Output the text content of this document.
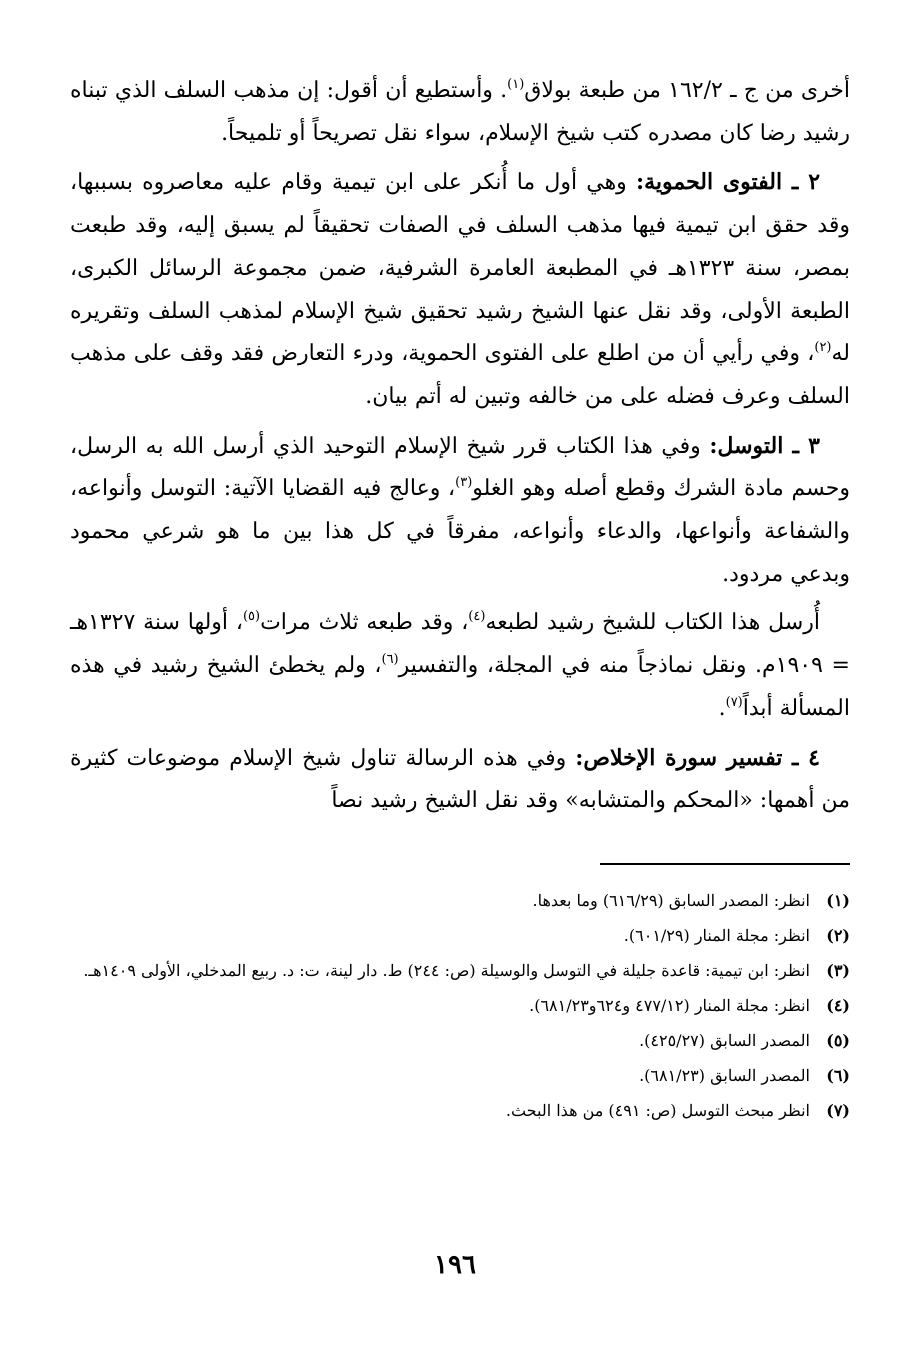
أخرى من ج ـ ١٦٢/٢ من طبعة بولاق$^{(١)}$. وأستطيع أن أقول: إن مذهب السلف الذي تبناه رشيد رضا كان مصدره كتب شيخ الإسلام، سواء نقل تصريحاً أو تلميحاً.

٢ ـ الفتوى الحموية: وهي أول ما أُنكر على ابن تيمية وقام عليه معاصروه بسببها، وقد حقق ابن تيمية فيها مذهب السلف في الصفات تحقيقاً لم يسبق إليه، وقد طبعت بمصر، سنة ١٣٢٣هـ في المطبعة العامرة الشرفية، ضمن مجموعة الرسائل الكبرى، الطبعة الأولى، وقد نقل عنها الشيخ رشيد تحقيق شيخ الإسلام لمذهب السلف وتقريره له$^{(٢)}$، وفي رأيي أن من اطلع على الفتوى الحموية، ودرء التعارض فقد وقف على مذهب السلف وعرف فضله على من خالفه وتبين له أتم بيان.

٣ ـ التوسل: وفي هذا الكتاب قرر شيخ الإسلام التوحيد الذي أرسل الله به الرسل، وحسم مادة الشرك وقطع أصله وهو الغلو$^{(٣)}$، وعالج فيه القضايا الآتية: التوسل وأنواعه، والشفاعة وأنواعها، والدعاء وأنواعه، مفرقاً في كل هذا بين ما هو شرعي محمود وبدعي مردود.

أُرسل هذا الكتاب للشيخ رشيد لطبعه$^{(٤)}$، وقد طبعه ثلاث مرات$^{(٥)}$، أولها سنة ١٣٢٧هـ = ١٩٠٩م. ونقل نماذجاً منه في المجلة، والتفسير$^{(٦)}$، ولم يخطئ الشيخ رشيد في هذه المسألة أبداً$^{(٧)}$.

٤ ـ تفسير سورة الإخلاص: وفي هذه الرسالة تناول شيخ الإسلام موضوعات كثيرة من أهمها: «المحكم والمتشابه» وقد نقل الشيخ رشيد نصاً

(١)
انظر: المصدر السابق (٦١٦/٢٩) وما بعدها.
(٢)
انظر: مجلة المنار (٦٠١/٢٩).
(٣)
انظر: ابن تيمية: قاعدة جليلة في التوسل والوسيلة (ص: ٢٤٤) ط. دار لينة، ت: د. ربيع المدخلي، الأولى ١٤٠٩هـ.
(٤)
انظر: مجلة المنار (٤٧٧/١٢ و٦٢٤و٦٨١/٢٣).
(٥)
المصدر السابق (٤٢٥/٢٧).
(٦)
المصدر السابق (٦٨١/٢٣).
(٧)
انظر مبحث التوسل (ص: ٤٩١) من هذا البحث.
١٩٦
